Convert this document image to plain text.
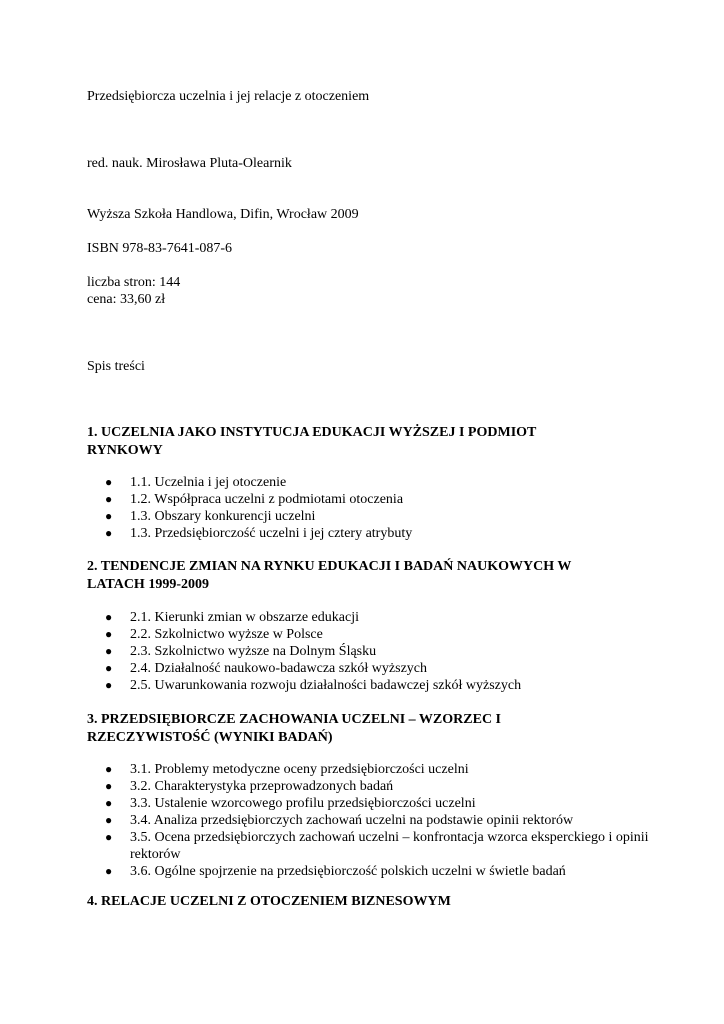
Przedsiębiorcza uczelnia i jej relacje z otoczeniem
red. nauk. Mirosława Pluta-Olearnik
Wyższa Szkoła Handlowa, Difin, Wrocław 2009
ISBN 978-83-7641-087-6
liczba stron: 144
cena: 33,60 zł
Spis treści
1. UCZELNIA JAKO INSTYTUCJA EDUKACJI WYŻSZEJ I PODMIOT
RYNKOWY
● 1.1. Uczelnia i jej otoczenie
● 1.2. Współpraca uczelni z podmiotami otoczenia
● 1.3. Obszary konkurencji uczelni
● 1.3. Przedsiębiorczość uczelni i jej cztery atrybuty
2. TENDENCJE ZMIAN NA RYNKU EDUKACJI I BADAŃ NAUKOWYCH W
LATACH 1999-2009
● 2.1. Kierunki zmian w obszarze edukacji
● 2.2. Szkolnictwo wyższe w Polsce
● 2.3. Szkolnictwo wyższe na Dolnym Śląsku
● 2.4. Działalność naukowo-badawcza szkół wyższych
● 2.5. Uwarunkowania rozwoju działalności badawczej szkół wyższych
3. PRZEDSIĘBIORCZE ZACHOWANIA UCZELNI – WZORZEC I
RZECZYWISTOŚĆ (WYNIKI BADAŃ)
● 3.1. Problemy metodyczne oceny przedsiębiorczości uczelni
● 3.2. Charakterystyka przeprowadzonych badań
● 3.3. Ustalenie wzorcowego profilu przedsiębiorczości uczelni
● 3.4. Analiza przedsiębiorczych zachowań uczelni na podstawie opinii rektorów
● 3.5. Ocena przedsiębiorczych zachowań uczelni – konfrontacja wzorca eksperckiego i opinii rektorów
● 3.6. Ogólne spojrzenie na przedsiębiorczość polskich uczelni w świetle badań
4. RELACJE UCZELNI Z OTOCZENIEM BIZNESOWYM
